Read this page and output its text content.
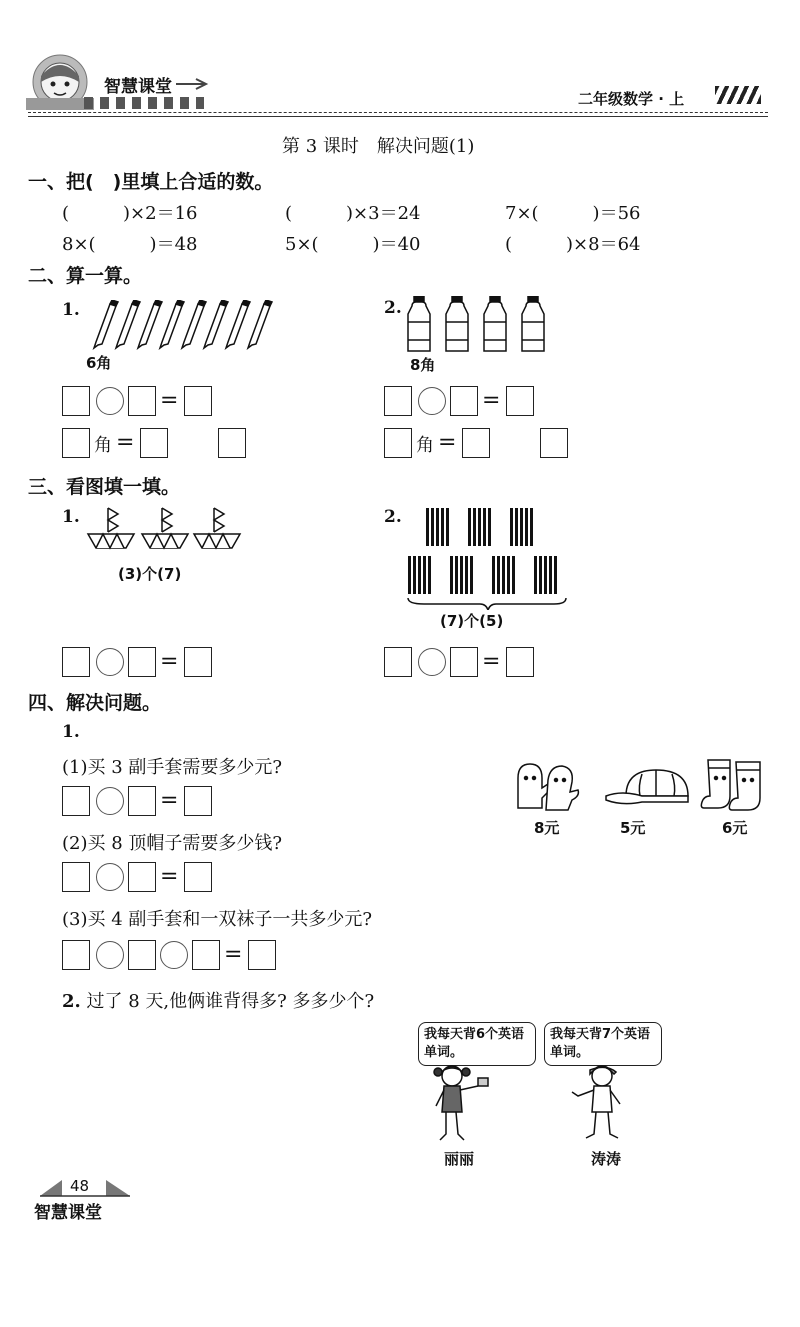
智慧课堂
二年级数学 · 上
第 3 课时　解决问题(1)
一、把(　)里填上合适的数。
(　　　)×2＝16	(　　　)×3＝24	7×(　　　)＝56
8×(　　　)＝48	5×(　　　)＝40	(　　　)×8＝64
二、算一算。
1.
6角
2.
8角
=
角 =
=
角 =
三、看图填一填。
1.
(3)个(7)
2.
(7)个(5)
=	=
四、解决问题。
1.
(1)买 3 副手套需要多少元?
=
(2)买 8 顶帽子需要多少钱?
=
(3)买 4 副手套和一双袜子一共多少元?
=
8元	5元	6元
2. 过了 8 天,他俩谁背得多? 多多少个?
我每天背6个英语单词。
我每天背7个英语单词。
丽丽	涛涛
48
智慧课堂
